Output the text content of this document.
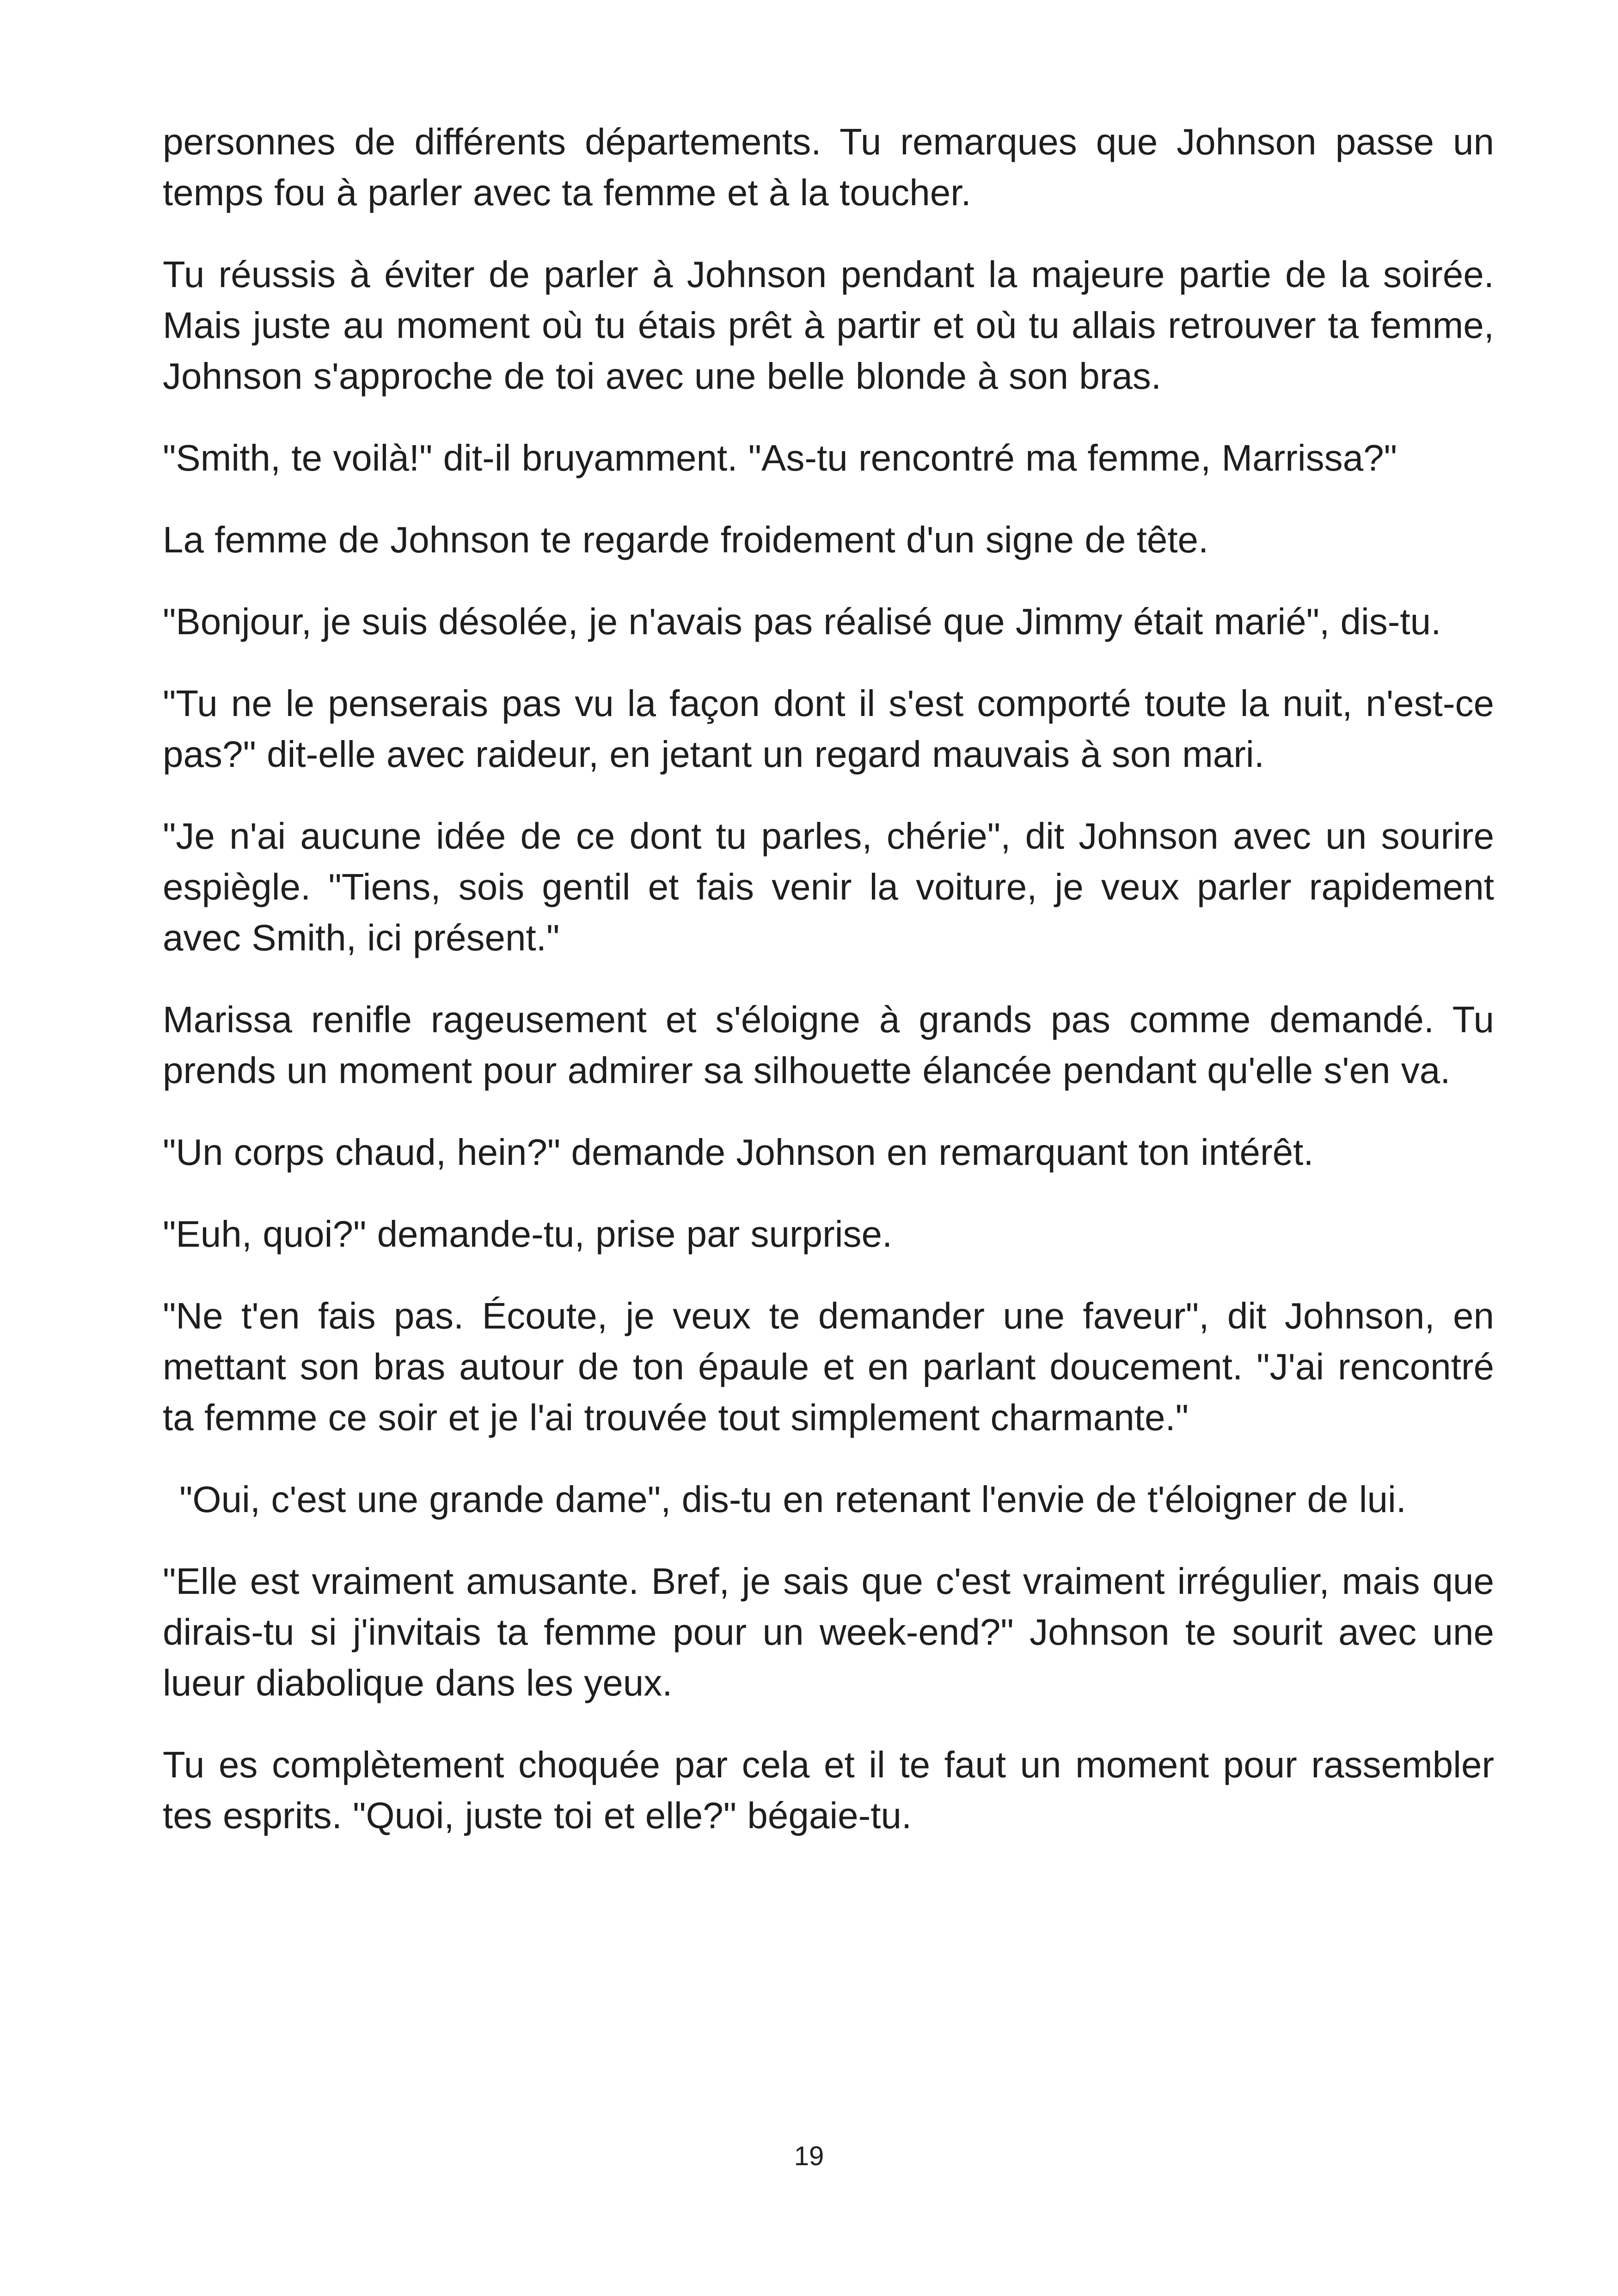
personnes de différents départements. Tu remarques que Johnson passe un temps fou à parler avec ta femme et à la toucher.

Tu réussis à éviter de parler à Johnson pendant la majeure partie de la soirée. Mais juste au moment où tu étais prêt à partir et où tu allais retrouver ta femme, Johnson s'approche de toi avec une belle blonde à son bras.

"Smith, te voilà!" dit-il bruyamment. "As-tu rencontré ma femme, Marrissa?"

La femme de Johnson te regarde froidement d'un signe de tête.

"Bonjour, je suis désolée, je n'avais pas réalisé que Jimmy était marié", dis-tu.

"Tu ne le penserais pas vu la façon dont il s'est comporté toute la nuit, n'est-ce pas?" dit-elle avec raideur, en jetant un regard mauvais à son mari.

"Je n'ai aucune idée de ce dont tu parles, chérie", dit Johnson avec un sourire espiègle. "Tiens, sois gentil et fais venir la voiture, je veux parler rapidement avec Smith, ici présent."

Marissa renifle rageusement et s'éloigne à grands pas comme demandé. Tu prends un moment pour admirer sa silhouette élancée pendant qu'elle s'en va.

"Un corps chaud, hein?" demande Johnson en remarquant ton intérêt.

"Euh, quoi?" demande-tu, prise par surprise.

"Ne t'en fais pas. Écoute, je veux te demander une faveur", dit Johnson, en mettant son bras autour de ton épaule et en parlant doucement. "J'ai rencontré ta femme ce soir et je l'ai trouvée tout simplement charmante."

"Oui, c'est une grande dame", dis-tu en retenant l'envie de t'éloigner de lui.

"Elle est vraiment amusante. Bref, je sais que c'est vraiment irrégulier, mais que dirais-tu si j'invitais ta femme pour un week-end?" Johnson te sourit avec une lueur diabolique dans les yeux.

Tu es complètement choquée par cela et il te faut un moment pour rassembler tes esprits. "Quoi, juste toi et elle?" bégaie-tu.

19
